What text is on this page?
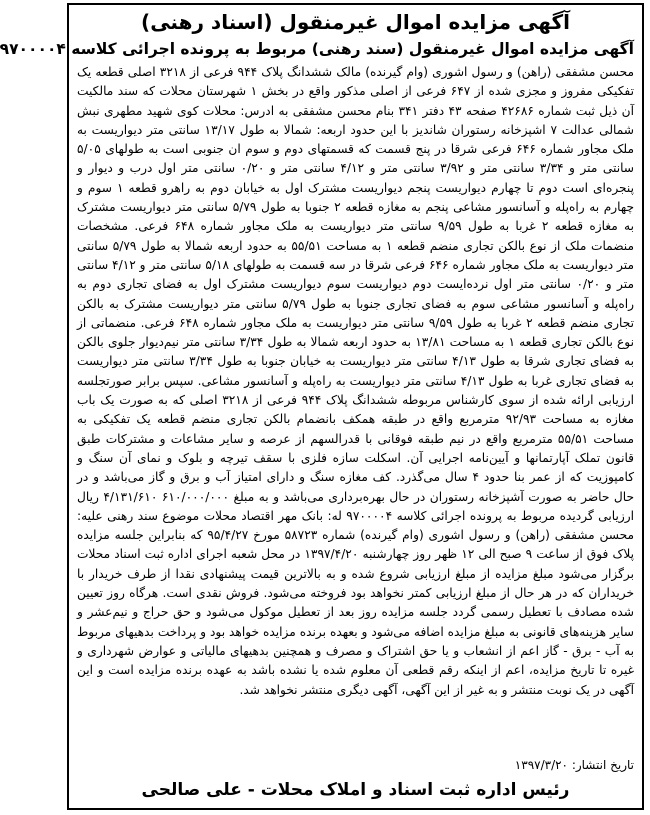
آگهی مزایده اموال غیرمنقول (اسناد رهنی)
آگهی مزایده اموال غیرمنقول (سند رهنی) مربوط به پرونده اجرائی کلاسه ۹۷۰۰۰۰۴

محسن مشفقی (راهن) و رسول اشوری (وام گیرنده) مالک ششدانگ پلاک ۹۴۴ فرعی از ۳۲۱۸ اصلی قطعه یک تفکیکی مفروز و مجزی شده از ۶۴۷ فرعی از اصلی مذکور واقع در بخش ۱ شهرستان محلات که سند مالکیت آن ذیل ثبت شماره ۴۲۶۸۶ صفحه ۴۳ دفتر ۳۴۱ بنام محسن مشفقی به ادرس: محلات کوی شهید مطهری نبش شمالی عدالت ۷ اشپزخانه رستوران شاندیز با این حدود اربعه: شمالا به طول ۱۳/۱۷ سانتی متر دیواریست به ملک مجاور شماره ۶۴۶ فرعی شرقا در پنج قسمت که قسمتهای دوم و سوم ان جنوبی است به طولهای ۵/۰۵ سانتی متر و ۳/۳۴ سانتی متر و ۳/۹۲ سانتی متر و ۴/۱۲ سانتی متر و ۰/۲۰ سانتی متر اول درب و دیوار و پنجره‌ای است دوم تا چهارم دیواریست پنجم دیواریست مشترک اول به خیابان دوم به راهرو قطعه ۱ سوم و چهارم به راه‌پله و آسانسور مشاعی پنجم به مغازه قطعه ۲ جنوبا به طول ۵/۷۹ سانتی متر دیواریست مشترک به مغازه قطعه ۲ غربا به طول ۹/۵۹ سانتی متر دیواریست به ملک مجاور شماره ۶۴۸ فرعی. مشخصات منضمات ملک از نوع بالکن تجاری منضم قطعه ۱ به مساحت ۵۵/۵۱ به حدود اربعه شمالا به طول ۵/۷۹ سانتی متر دیواریست به ملک مجاور شماره ۶۴۶ فرعی شرقا در سه قسمت به طولهای ۵/۱۸ سانتی متر و ۴/۱۲ سانتی متر و ۰/۲۰ سانتی متر اول نرده‌ایست دوم دیواریست سوم دیواریست مشترک اول به فضای تجاری دوم به راه‌پله و آسانسور مشاعی سوم به فضای تجاری جنوبا به طول ۵/۷۹ سانتی متر دیواریست مشترک به بالکن تجاری منضم قطعه ۲ غربا به طول ۹/۵۹ سانتی متر دیواریست به ملک مجاور شماره ۶۴۸ فرعی. منضماتی از نوع بالکن تجاری قطعه ۱ به مساحت ۱۳/۸۱ به حدود اربعه شمالا به طول ۳/۳۴ سانتی متر نیم‌دیوار جلوی بالکن به فضای تجاری شرقا به طول ۴/۱۳ سانتی متر دیواریست به خیابان جنوبا به طول ۳/۳۴ سانتی متر دیواریست به فضای تجاری غربا به طول ۴/۱۳ سانتی متر دیواریست به راه‌پله و آسانسور مشاعی. سپس برابر صورتجلسه ارزیابی ارائه شده از سوی کارشناس مربوطه ششدانگ پلاک ۹۴۴ فرعی از ۳۲۱۸ اصلی که به صورت یک باب مغازه به مساحت ۹۲/۹۳ مترمربع واقع در طبقه همکف بانضمام بالکن تجاری منضم قطعه یک تفکیکی به مساحت ۵۵/۵۱ مترمربع واقع در نیم طبقه فوقانی با قدرالسهم از عرصه و سایر مشاعات و مشترکات طبق قانون تملک آپارتمانها و آیین‌نامه اجرایی آن. اسکلت سازه فلزی با سقف تیرچه و بلوک و نمای آن سنگ و کامپوزیت که از عمر بنا حدود ۴ سال می‌گذرد. کف مغازه سنگ و دارای امتیاز آب و برق و گاز می‌باشد و در حال حاضر به صورت آشپزخانه رستوران در حال بهره‌برداری می‌باشد و به مبلغ ۶۱۰/۰۰۰/۰۰۰ ۴/۱۳۱/۶۱۰ ریال ارزیابی گردیده مربوط به پرونده اجرائی کلاسه ۹۷۰۰۰۰۴ له: بانک مهر اقتصاد محلات موضوع سند رهنی علیه: محسن مشفقی (راهن) و رسول اشوری (وام گیرنده) شماره ۵۸۷۲۳ مورخ ۹۵/۴/۲۷ که بنابراین جلسه مزایده پلاک فوق از ساعت ۹ صبح الی ۱۲ ظهر روز چهارشنبه ۱۳۹۷/۴/۲۰ در محل شعبه اجرای اداره ثبت اسناد محلات برگزار می‌شود مبلغ مزایده از مبلغ ارزیابی شروع شده و به بالاترین قیمت پیشنهادی نقدا از طرف خریدار با خریداران که در هر حال از مبلغ ارزیابی کمتر نخواهد بود فروخته می‌شود. فروش نقدی است. هرگاه روز تعیین شده مصادف با تعطیل رسمی گردد جلسه مزایده روز بعد از تعطیل موکول می‌شود و حق حراج و نیم‌عشر و سایر هزینه‌های قانونی به مبلغ مزایده اضافه می‌شود و بعهده برنده مزایده خواهد بود و پرداخت بدهیهای مربوط به آب - برق - گاز اعم از انشعاب و یا حق اشتراک و مصرف و همچنین بدهیهای مالیاتی و عوارض شهرداری و غیره تا تاریخ مزایده، اعم از اینکه رقم قطعی آن معلوم شده یا نشده باشد به عهده برنده مزایده است و این آگهی در یک نوبت منتشر و به غیر از این آگهی، آگهی دیگری منتشر نخواهد شد.

تاریخ انتشار: ۱۳۹۷/۳/۲۰
رئیس اداره ثبت اسناد و املاک محلات - علی صالحی
